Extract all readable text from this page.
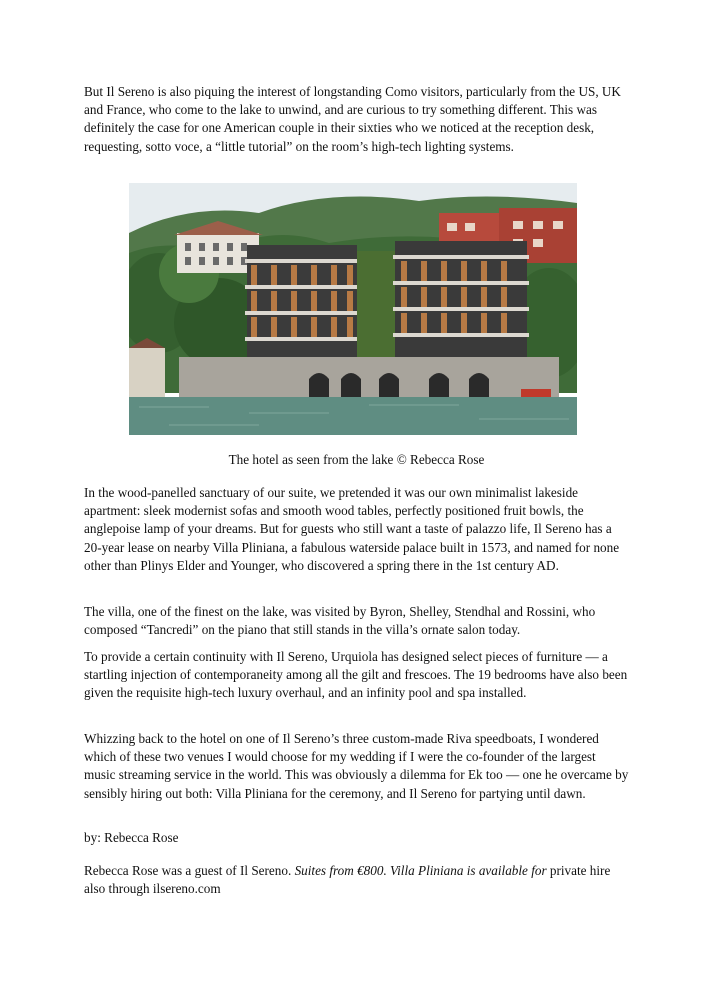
But Il Sereno is also piquing the interest of longstanding Como visitors, particularly from the US, UK and France, who come to the lake to unwind, and are curious to try something different. This was definitely the case for one American couple in their sixties who we noticed at the reception desk, requesting, sotto voce, a “little tutorial” on the room’s high-tech lighting systems.

The hotel as seen from the lake © Rebecca Rose

In the wood-panelled sanctuary of our suite, we pretended it was our own minimalist lakeside apartment: sleek modernist sofas and smooth wood tables, perfectly positioned fruit bowls, the anglepoise lamp of your dreams. But for guests who still want a taste of palazzo life, Il Sereno has a 20-year lease on nearby Villa Pliniana, a fabulous waterside palace built in 1573, and named for none other than Plinys Elder and Younger, who discovered a spring there in the 1st century AD.

The villa, one of the finest on the lake, was visited by Byron, Shelley, Stendhal and Rossini, who composed “Tancredi” on the piano that still stands in the villa’s ornate salon today.

To provide a certain continuity with Il Sereno, Urquiola has designed select pieces of furniture — a startling injection of contemporaneity among all the gilt and frescoes. The 19 bedrooms have also been given the requisite high-tech luxury overhaul, and an infinity pool and spa installed.

Whizzing back to the hotel on one of Il Sereno’s three custom-made Riva speedboats, I wondered which of these two venues I would choose for my wedding if I were the co-founder of the largest music streaming service in the world. This was obviously a dilemma for Ek too — one he overcame by sensibly hiring out both: Villa Pliniana for the ceremony, and Il Sereno for partying until dawn.

by: Rebecca Rose

Rebecca Rose was a guest of Il Sereno. Suites from €800. Villa Pliniana is available for private hire also through ilsereno.com
